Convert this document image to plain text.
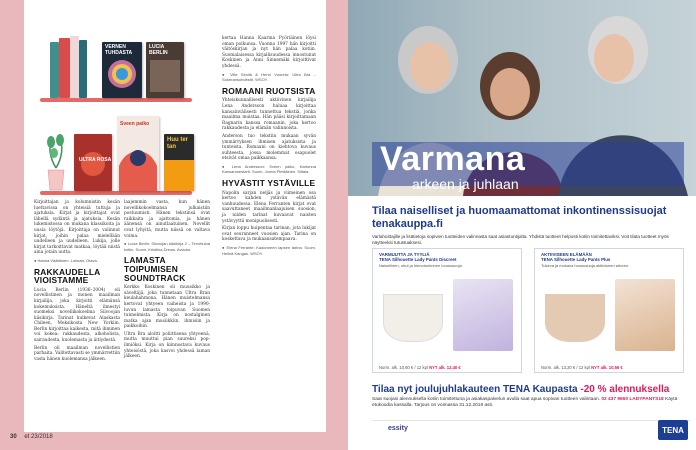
VERNEN TUHDASTA
LUCIA BERLIN
ULTRA ROSA
Sveen paiko
Huu ter tan

Kirjoittajan ja kolumnistin kesän luettavissa on yhteisiä tuttuja ja ajatuksia. Kirjat ja kirjoittajat ovat lähellä sydäntä ja ajatuksia. Kesän lukemistossa on mukana klassikoita ja uusia löytöjä. Kirjoittaja on valinnut kirjat, joihin palaa mielellään uudelleen ja uudelleen. Lukija, jolle kirjat tarkoittavat matkaa, löytää niistä aina jotain uutta.

● Hanna Väätäinen: Loimaa, Otava.

RAKKAUDELLA VIOISTAMME

Lucia Berlin (1936–2004) oli novellistinen ja monen maailman kirjailija, joka kirjoitti elämänsä kokemuksista. Häneltä ilmestyi suomeksi novellikokoelma Siivoojan käsikirja. Tarinat kulkevat Alaskasta Chileen, Meksikosta New Yorkiin. Berlin kirjoittaa kaikesta, mitä ihminen voi kokea: rakkaudesta, alkoholista, sairaudesta, kuolemasta ja äitiydestä.

Berlin oli maailman novellistien parhaita. Valitettavasti se ymmärrettiin vasta hänen kuolemansa jälkeen.

laajemmin vasta, kun hänen novellikokoelmansa julkaistiin postuumisti. Hänen tekstinsä ovat raikkaita ja ajattomia, ja hänen äänensä on ainutlaatuinen. Novellit ovat lyhyitä, mutta niissä on valtava voima.

● Lucia Berlin: Siivoojan käsikirja 2 – Tervetuloa kotiin, Suom. Kristiina Drews. Aviador.

LAMASTA TOIPUMISEN SOUNDTRACK

Kerkko Koskinen oli muusikko ja säveltäjä, joka tunnetaan Ultra Bran keulahahmona. Hänen muistelmansa kertovat yhtyeen vaiheista ja 1990-luvun lamasta toipuvan Suomen tunnelmista. Kirja on nostalginen matka ajan musiikkiin, ihmisiin ja paikkoihin.

Ultra Bra aloitti poliittisena yhtyeenä, mutta muuttui pian suureksi pop-ilmiöksi. Kirja on kiinnostava kuvaus yhteisöstä, joka kasvoi yhdessä laman jälkeen.

kertaa Hanna Kaarina Pyöriäinen löysi oman polkunsa. Vuonna 1997 hän kirjoitti väitöskirjan ja nyt hän palaa kotiin. Suomalaisessa kirjallisuudessa innostunut Koskinen ja Anni Sinnemäki kirjoittivat yhdessä.

● Ville Similä & Henri Vuorela: Ultra Bra – Sokeransohdestit. WSOY.

ROMAANI RUOTSISTA

Yhteiskunnallisesti aktiivinen kirjailija Lena Andersson haluaa kirjoittaa kansainvälisesti tunnettua tekstiä, jonka maailma muistaa. Hän pääsi kirjoittamaan Ragnarin kanssa romaanin, joka kertoo rakkaudesta ja elämän valinnoista.

Anderson tuo tekstiin mukaan syvän ymmärryksen ihmisen ajatuksista ja tunteista. Romaani on kiehtova kuvaus suhteesta, jossa molemmat osapuolet etsivät omaa paikkaansa.

● Lena Andersson: Sveen paiko, Kartonna Kansanmestarit. Suom. Jonna Pietiläinen. Siltala.

HYVÄSTIT YSTÄVILLE

Napolin sarjan neljäs ja viimeinen osa kertoo kahden ystävän elämästä vanhuudessa. Elena Ferranten kirjat ovat saavuttaneet maailmanlaajuisen suosion, ja niiden tarinat kuvaavat naisten ystävyyttä monipuolisesti.

Kirjan loppu huipentaa tarinan, jota lukijat ovat seuranneet vuosien ajan. Tarina on koskettava ja mukaansatempaava.

● Elena Ferrante: Kadonneen lapsen tarina. Suom. Helinä Kangas. WSOY.

30 et 23/2018
Varmana
arkeen ja juhlaan
Tilaa naiselliset ja huomaamattomat inkontinenssisuojat tenakauppa.fi
Varlahoittajille ja lisätietoja sopivien tuotteiden valinnasta saat asiantuntijalta. Yhdistä tuotteet helposti kotiin toimitettaviksi. Voit tilata tuotteet myös näytteeksi tutustuaksesi.
VARMUUTTA JA TYYLIÄ
TENA Silhouette Lady Pants Discreet
Naisellinen, ohut ja hienotunteinen housusuoja.
Norm. alk. 10,60 € / 12 kpl NYT alk. 12,40 €
AKTIIVISEEN ELÄMÄÄN
TENA Silhouette Lady Pants Plus
Tukeva ja mukava housusuoja aktiiviseen arkeen.
Norm. alk. 13,20 € / 12 kpl NYT alk. 10,56 €
Tilaa nyt joulujuhlakauteen TENA Kaupasta -20 % alennuksella
Saat suojasi alennuksella kotiin toimitettuna ja asiakaspalvelun avulla saat apua sopivan tuotteen valintaan. 02 437 9660 LADYPANTS18 Käytä etukoodia kassalla. Tarjous on voimassa 31.12.2018 asti.
essity	TENA
